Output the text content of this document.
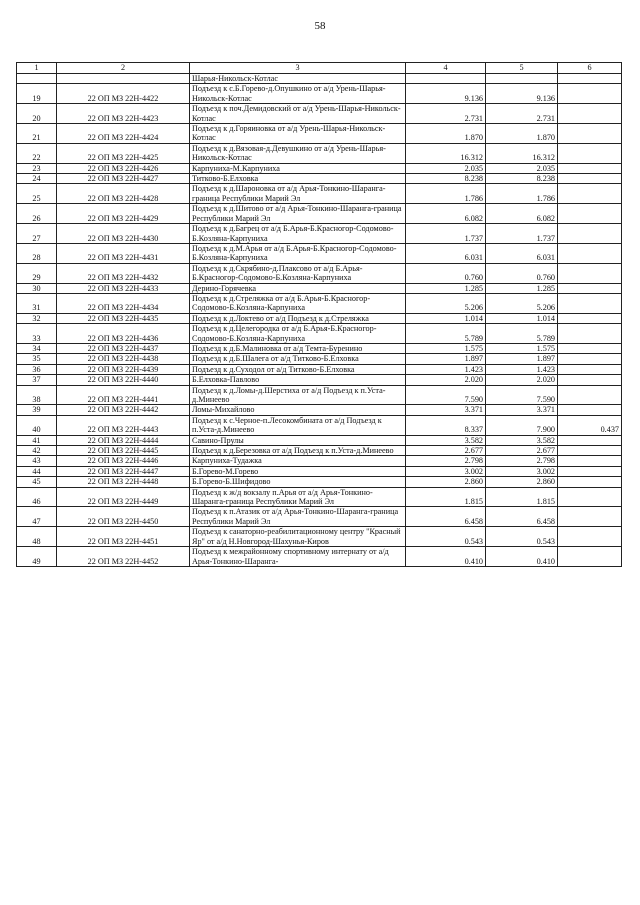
58
1	2	3	4	5	6
		Шарья-Никольск-Котлас			
19	22 ОП МЗ 22Н-4422	Подъезд к с.Б.Горево-д.Опушкино от а/д Урень-Шарья-Никольск-Котлас	9.136	9.136	
20	22 ОП МЗ 22Н-4423	Подъезд к поч.Демидовский от а/д Урень-Шарья-Никольск-Котлас	2.731	2.731	
21	22 ОП МЗ 22Н-4424	Подъезд к д.Горяиновка от а/д Урень-Шарья-Никольск-Котлас	1.870	1.870	
22	22 ОП МЗ 22Н-4425	Подъезд к д.Вязовая-д.Девушкино от а/д Урень-Шарья-Никольск-Котлас	16.312	16.312	
23	22 ОП МЗ 22Н-4426	Карпуниха-М.Карпуниха	2.035	2.035	
24	22 ОП МЗ 22Н-4427	Титково-Б.Елховка	8.238	8.238	
25	22 ОП МЗ 22Н-4428	Подъезд к д.Шароновка от а/д Арья-Тонкино-Шаранга-граница Республики Марий Эл	1.786	1.786	
26	22 ОП МЗ 22Н-4429	Подъезд к д.Шитово от а/д Арья-Тонкино-Шаранга-граница Республики Марий Эл	6.082	6.082	
27	22 ОП МЗ 22Н-4430	Подъезд к д.Багрец от а/д Б.Арья-Б.Красногор-Содомово-Б.Козляна-Карпуниха	1.737	1.737	
28	22 ОП МЗ 22Н-4431	Подъезд к д.М.Арья от а/д Б.Арья-Б.Красногор-Содомово-Б.Козляна-Карпуниха	6.031	6.031	
29	22 ОП МЗ 22Н-4432	Подъезд к д.Скрябино-д.Плаксово от а/д Б.Арья-Б.Красногор-Содомово-Б.Козляна-Карпуниха	0.760	0.760	
30	22 ОП МЗ 22Н-4433	Дерино-Горячевка	1.285	1.285	
31	22 ОП МЗ 22Н-4434	Подъезд к д.Стреляжка от а/д Б.Арья-Б.Красногор-Содомово-Б.Козляна-Карпуниха	5.206	5.206	
32	22 ОП МЗ 22Н-4435	Подъезд к д.Локтево от а/д Подъезд к д.Стреляжка	1.014	1.014	
33	22 ОП МЗ 22Н-4436	Подъезд к д.Целегородка от а/д Б.Арья-Б.Красногор-Содомово-Б.Козляна-Карпуниха	5.789	5.789	
34	22 ОП МЗ 22Н-4437	Подъезд к д.Б.Малиновка от а/д Темта-Буренино	1.575	1.575	
35	22 ОП МЗ 22Н-4438	Подъезд к д.Б.Шалега от а/д Титково-Б.Елховка	1.897	1.897	
36	22 ОП МЗ 22Н-4439	Подъезд к д.Суходол от а/д Титково-Б.Елховка	1.423	1.423	
37	22 ОП МЗ 22Н-4440	Б.Елховка-Павлово	2.020	2.020	
38	22 ОП МЗ 22Н-4441	Подъезд к д.Ломы-д.Шерстиха от а/д Подъезд к п.Уста-д.Минеево	7.590	7.590	
39	22 ОП МЗ 22Н-4442	Ломы-Михайлово	3.371	3.371	
40	22 ОП МЗ 22Н-4443	Подъезд к с.Черное-п.Лесокомбината от а/д Подъезд к п.Уста-д.Минеево	8.337	7.900	0.437
41	22 ОП МЗ 22Н-4444	Савино-Прулы	3.582	3.582	
42	22 ОП МЗ 22Н-4445	Подъезд к д.Березовка от а/д Подъезд к п.Уста-д.Минеево	2.677	2.677	
43	22 ОП МЗ 22Н-4446	Карпуниха-Тудажка	2.798	2.798	
44	22 ОП МЗ 22Н-4447	Б.Горево-М.Горево	3.002	3.002	
45	22 ОП МЗ 22Н-4448	Б.Горево-Б.Шифидово	2.860	2.860	
46	22 ОП МЗ 22Н-4449	Подъезд к ж/д вокзалу п.Арья от а/д Арья-Тонкино-Шаранга-граница Республики Марий Эл	1.815	1.815	
47	22 ОП МЗ 22Н-4450	Подъезд к п.Атазик от а/д Арья-Тонкино-Шаранга-граница Республики Марий Эл	6.458	6.458	
48	22 ОП МЗ 22Н-4451	Подъезд к санаторно-реабилитационному центру "Красный Яр" от а/д Н.Новгород-Шахунья-Киров	0.543	0.543	
49	22 ОП МЗ 22Н-4452	Подъезд к межрайонному спортивному интернату от а/д Арья-Тонкино-Шаранга-	0.410	0.410	
